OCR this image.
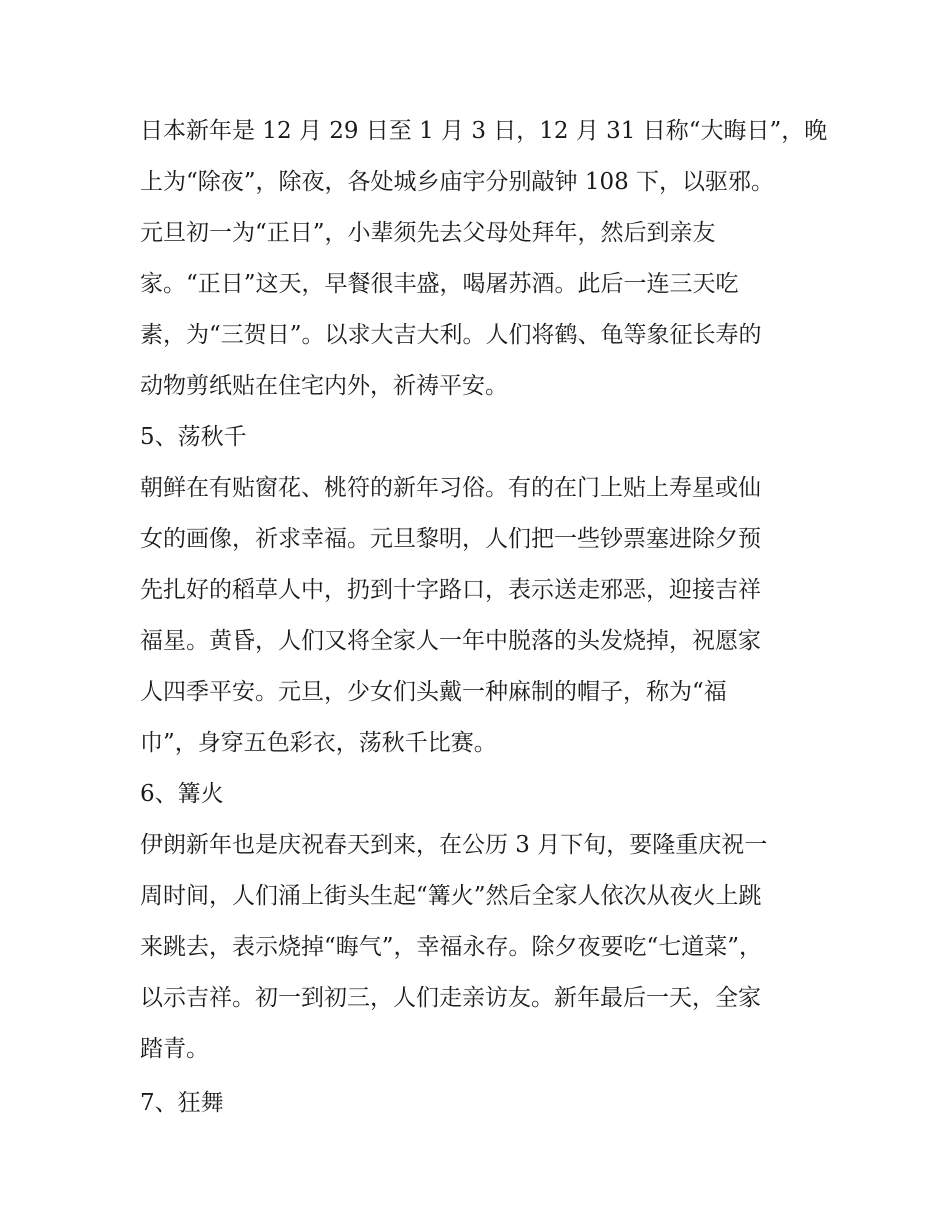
日本新年是 12 月 29 日至 1 月 3 日，12 月 31 日称“大晦日”，晚
上为“除夜”，除夜，各处城乡庙宇分别敲钟 108 下，以驱邪。
元旦初一为“正日”，小辈须先去父母处拜年，然后到亲友
家。“正日”这天，早餐很丰盛，喝屠苏酒。此后一连三天吃
素，为“三贺日”。以求大吉大利。人们将鹤、龟等象征长寿的
动物剪纸贴在住宅内外，祈祷平安。
5、荡秋千
朝鲜在有贴窗花、桃符的新年习俗。有的在门上贴上寿星或仙
女的画像，祈求幸福。元旦黎明，人们把一些钞票塞进除夕预
先扎好的稻草人中，扔到十字路口，表示送走邪恶，迎接吉祥
福星。黄昏，人们又将全家人一年中脱落的头发烧掉，祝愿家
人四季平安。元旦，少女们头戴一种麻制的帽子，称为“福
巾”，身穿五色彩衣，荡秋千比赛。
6、篝火
伊朗新年也是庆祝春天到来，在公历 3 月下旬，要隆重庆祝一
周时间，人们涌上街头生起“篝火”然后全家人依次从夜火上跳
来跳去，表示烧掉“晦气”，幸福永存。除夕夜要吃“七道菜”，
以示吉祥。初一到初三，人们走亲访友。新年最后一天，全家
踏青。
7、狂舞
